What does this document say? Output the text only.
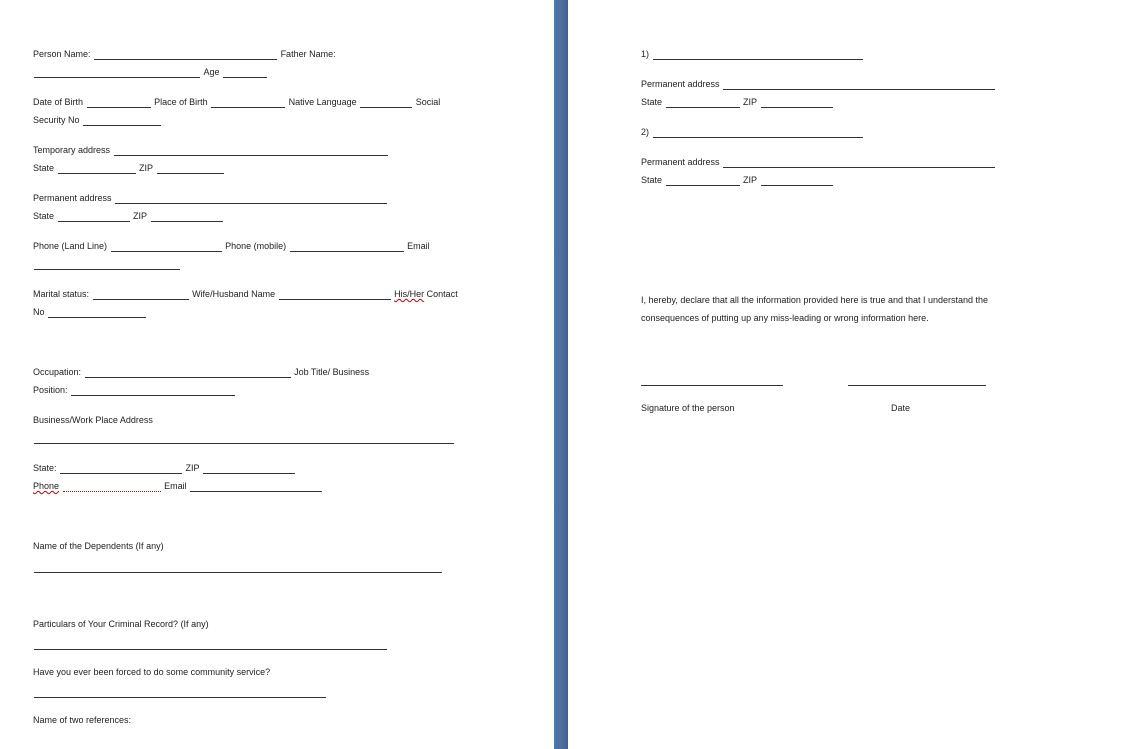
Person Name:	Father Name:
Age
Date of Birth	Place of Birth	Native Language	Social
Security No
Temporary address
State	ZIP
Permanent address
State	ZIP
Phone (Land Line)	Phone (mobile)	Email
Marital status:	Wife/Husband Name	His/Her Contact
No
Occupation:	Job Title/ Business
Position:
Business/Work Place Address
State:	ZIP
Phone	Email
Name of the Dependents (If any)
Particulars of Your Criminal Record? (If any)
Have you ever been forced to do some community service?
Name of two references:
1)
Permanent address
State	ZIP
2)
Permanent address
State	ZIP
I, hereby, declare that all the information provided here is true and that I understand the
consequences of putting up any miss-leading or wrong information here.
Signature of the person	Date
